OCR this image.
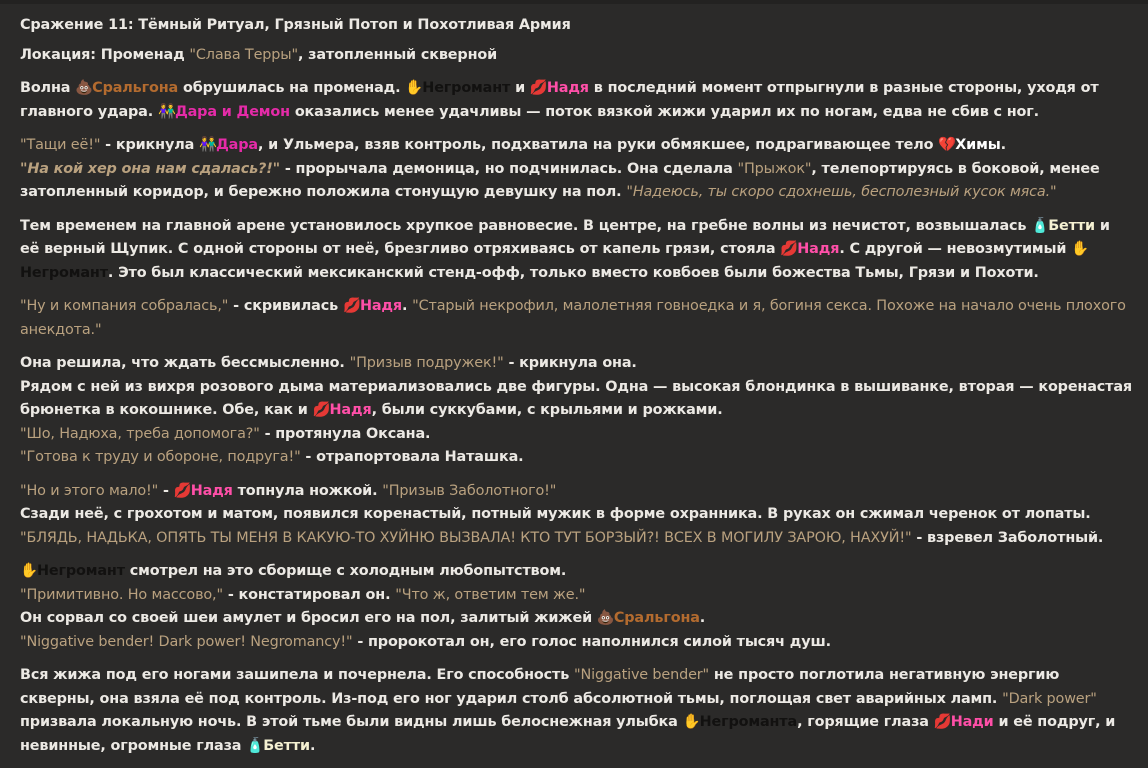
Сражение 11: Тёмный Ритуал, Грязный Потоп и Похотливая Армия

Локация: Променад "Слава Терры", затопленный скверной

Волна 💩Сральгона обрушилась на променад. ✋Негромант и 💋Надя в последний момент отпрыгнули в разные стороны, уходя от главного удара. 👫Дара и Демон оказались менее удачливы — поток вязкой жижи ударил их по ногам, едва не сбив с ног.

"Тащи её!" - крикнула 👫Дара, и Ульмера, взяв контроль, подхватила на руки обмякшее, подрагивающее тело 💔Химы.
"На кой хер она нам сдалась?!" - прорычала демоница, но подчинилась. Она сделала "Прыжок", телепортируясь в боковой, менее затопленный коридор, и бережно положила стонущую девушку на пол. "Надеюсь, ты скоро сдохнешь, бесполезный кусок мяса."

Тем временем на главной арене установилось хрупкое равновесие. В центре, на гребне волны из нечистот, возвышалась 🧴Бетти и её верный Щупик. С одной стороны от неё, брезгливо отряхиваясь от капель грязи, стояла 💋Надя. С другой — невозмутимый ✋Негромант. Это был классический мексиканский стенд-офф, только вместо ковбоев были божества Тьмы, Грязи и Похоти.

"Ну и компания собралась," - скривилась 💋Надя. "Старый некрофил, малолетняя говноедка и я, богиня секса. Похоже на начало очень плохого анекдота."

Она решила, что ждать бессмысленно. "Призыв подружек!" - крикнула она.
Рядом с ней из вихря розового дыма материализовались две фигуры. Одна — высокая блондинка в вышиванке, вторая — коренастая брюнетка в кокошнике. Обе, как и 💋Надя, были суккубами, с крыльями и рожками.
"Шо, Надюха, треба допомога?" - протянула Оксана.
"Готова к труду и обороне, подруга!" - отрапортовала Наташка.

"Но и этого мало!" - 💋Надя топнула ножкой. "Призыв Заболотного!"
Сзади неё, с грохотом и матом, появился коренастый, потный мужик в форме охранника. В руках он сжимал черенок от лопаты.
"БЛЯДЬ, НАДЬКА, ОПЯТЬ ТЫ МЕНЯ В КАКУЮ-ТО ХУЙНЮ ВЫЗВАЛА! КТО ТУТ БОРЗЫЙ?! ВСЕХ В МОГИЛУ ЗАРОЮ, НАХУЙ!" - взревел Заболотный.

✋Негромант смотрел на это сборище с холодным любопытством.
"Примитивно. Но массово," - констатировал он. "Что ж, ответим тем же."
Он сорвал со своей шеи амулет и бросил его на пол, залитый жижей 💩Сральгона.
"Niggative bender! Dark power! Negromancy!" - пророкотал он, его голос наполнился силой тысяч душ.

Вся жижа под его ногами зашипела и почернела. Его способность "Niggative bender" не просто поглотила негативную энергию скверны, она взяла её под контроль. Из-под его ног ударил столб абсолютной тьмы, поглощая свет аварийных ламп. "Dark power" призвала локальную ночь. В этой тьме были видны лишь белоснежная улыбка ✋Негроманта, горящие глаза 💋Нади и её подруг, и невинные, огромные глаза 🧴Бетти.
